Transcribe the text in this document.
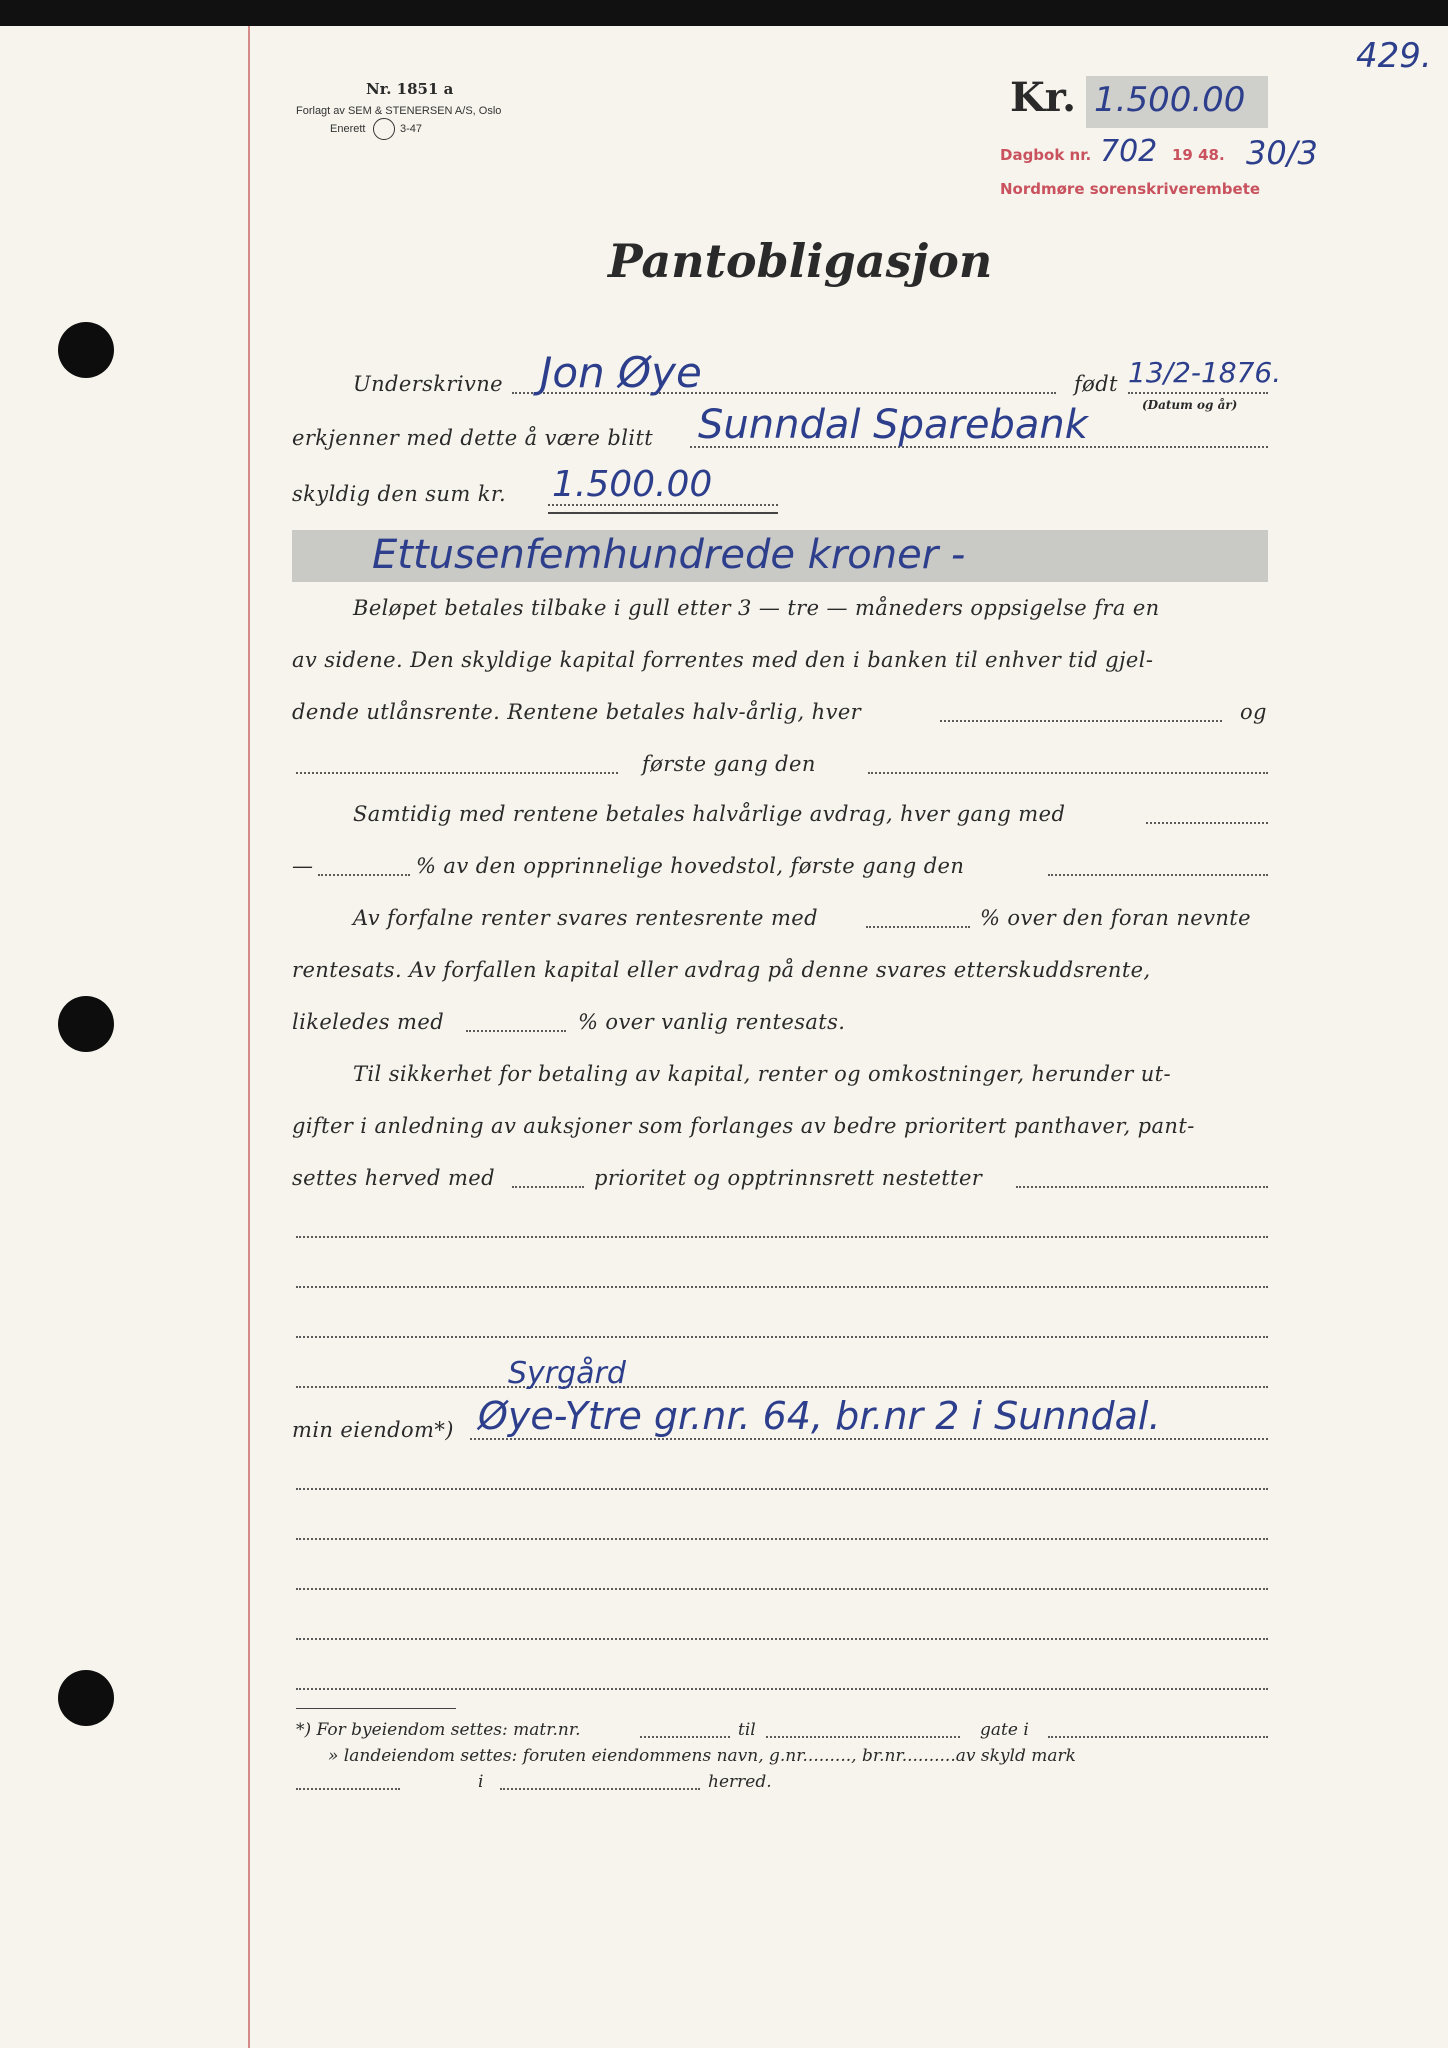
429.
Nr. 1851 a
Forlagt av SEM & STENERSEN A/S, Oslo
Enerett	3-47
Kr. 1.500.00
Dagbok nr. 702 19 48. 30/3
Nordmøre sorenskriverembete
Pantobligasjon
Underskrivne Jon Øye	født 13/2-1876.
(Datum og år)
erkjenner med dette å være blitt Sunndal Sparebank
skyldig den sum kr. 1.500.00
Ettusenfemhundrede kroner -
Beløpet betales tilbake i gull etter 3 — tre — måneders oppsigelse fra en
av sidene. Den skyldige kapital forrentes med den i banken til enhver tid gjel-
dende utlånsrente. Rentene betales halv-årlig, hver	og
første gang den
Samtidig med rentene betales halvårlige avdrag, hver gang med
—	% av den opprinnelige hovedstol, første gang den
Av forfalne renter svares rentesrente med	% over den foran nevnte
rentesats. Av forfallen kapital eller avdrag på denne svares etterskuddsrente,
likeledes med	% over vanlig rentesats.
Til sikkerhet for betaling av kapital, renter og omkostninger, herunder ut-
gifter i anledning av auksjoner som forlanges av bedre prioritert panthaver, pant-
settes herved med	prioritet og opptrinnsrett nestetter
Syrgård
min eiendom*) Øye-Ytre gr.nr. 64, br.nr 2 i Sunndal.
*) For byeiendom settes: matr.nr.	til	gate i
» landeiendom settes: foruten eiendommens navn, g.nr........., br.nr..........av skyld mark
i	herred.
